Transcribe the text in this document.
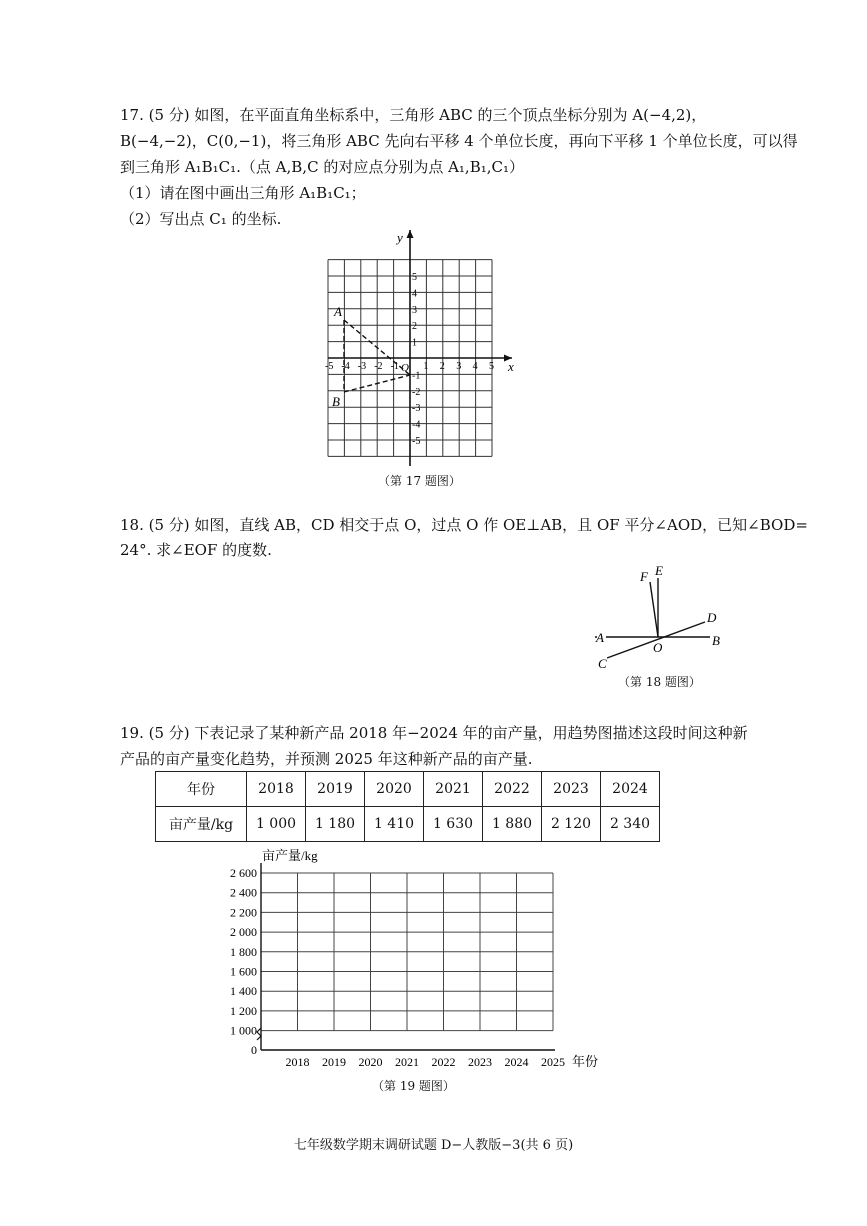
17. (5 分) 如图，在平面直角坐标系中，三角形 ABC 的三个顶点坐标分别为 A(−4,2)，
B(−4,−2)，C(0,−1)，将三角形 ABC 先向右平移 4 个单位长度，再向下平移 1 个单位长度，可以得
到三角形 A₁B₁C₁.（点 A,B,C 的对应点分别为点 A₁,B₁,C₁）
（1）请在图中画出三角形 A₁B₁C₁；
（2）写出点 C₁ 的坐标.
x
y
O
-5 -4 -3 -2 -1 1 2 3 4 5
5
4
3
2
1
-1
-2
-3
-4
-5
A
B
（第 17 题图）
18. (5 分) 如图，直线 AB，CD 相交于点 O，过点 O 作 OE⊥AB，且 OF 平分∠AOD，已知∠BOD=
24°. 求∠EOF 的度数.
F E
D
A
O	B
C
（第 18 题图）
19. (5 分) 下表记录了某种新产品 2018 年−2024 年的亩产量，用趋势图描述这段时间这种新
产品的亩产量变化趋势，并预测 2025 年这种新产品的亩产量.
年份	2018	2019	2020	2021	2022	2023	2024
亩产量/kg	1 000	1 180	1 410	1 630	1 880	2 120	2 340
亩产量/kg
2 600
2 400
2 200
2 000
1 800
1 600
1 400
1 200
1 000
0
2018 2019 2020 2021 2022 2023 2024 2025 年份
（第 19 题图）
七年级数学期末调研试题 D−人教版−3(共 6 页)
